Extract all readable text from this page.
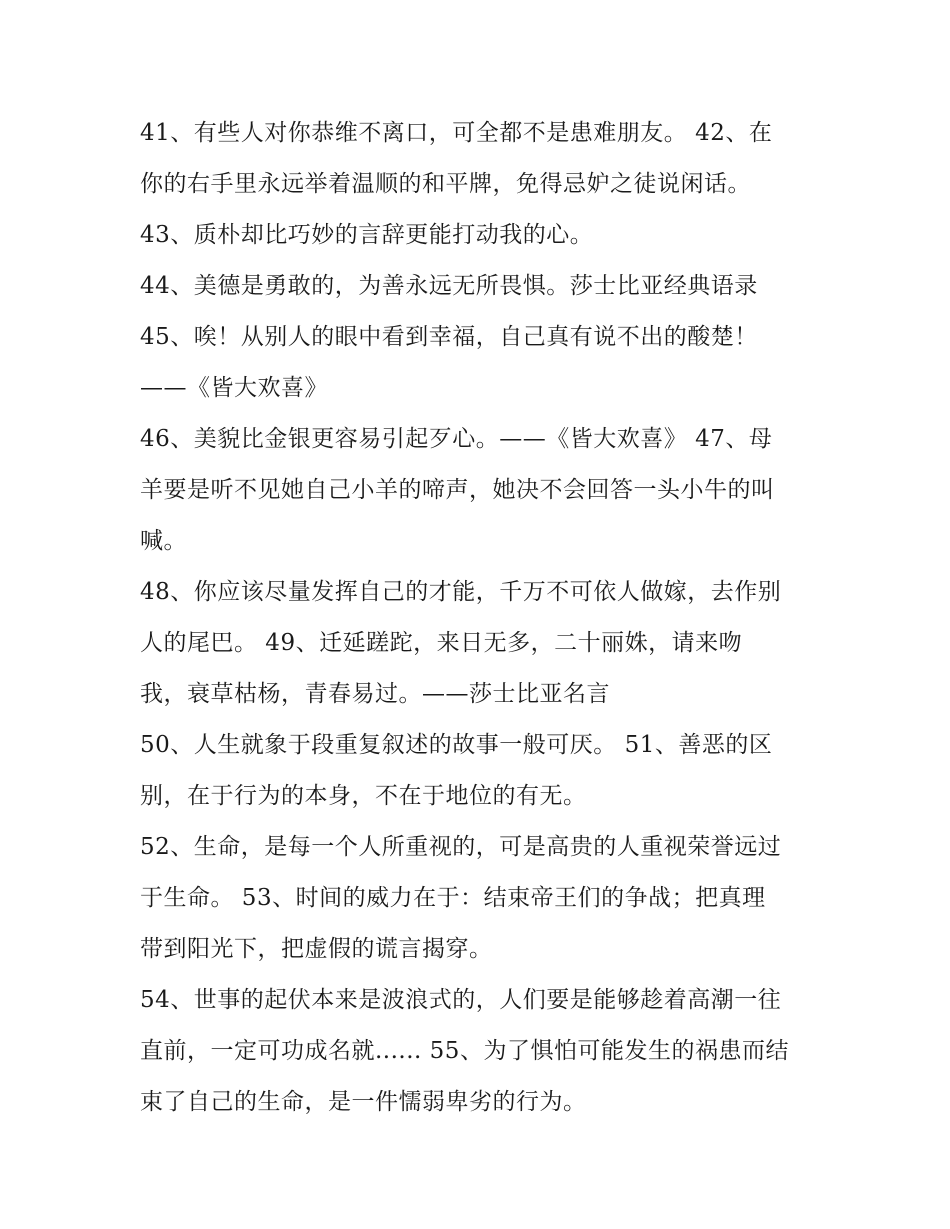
41、有些人对你恭维不离口，可全都不是患难朋友。 42、在
你的右手里永远举着温顺的和平牌，免得忌妒之徒说闲话。
43、质朴却比巧妙的言辞更能打动我的心。
44、美德是勇敢的，为善永远无所畏惧。莎士比亚经典语录
45、唉！从别人的眼中看到幸福，自己真有说不出的酸楚！
——《皆大欢喜》
46、美貌比金银更容易引起歹心。——《皆大欢喜》 47、母
羊要是听不见她自己小羊的啼声，她决不会回答一头小牛的叫
喊。
48、你应该尽量发挥自己的才能，千万不可依人做嫁，去作别
人的尾巴。 49、迁延蹉跎，来日无多，二十丽姝，请来吻
我，衰草枯杨，青春易过。——莎士比亚名言
50、人生就象于段重复叙述的故事一般可厌。 51、善恶的区
别，在于行为的本身，不在于地位的有无。
52、生命，是每一个人所重视的，可是高贵的人重视荣誉远过
于生命。 53、时间的威力在于：结束帝王们的争战；把真理
带到阳光下，把虚假的谎言揭穿。
54、世事的起伏本来是波浪式的，人们要是能够趁着高潮一往
直前，一定可功成名就...... 55、为了惧怕可能发生的祸患而结
束了自己的生命，是一件懦弱卑劣的行为。
